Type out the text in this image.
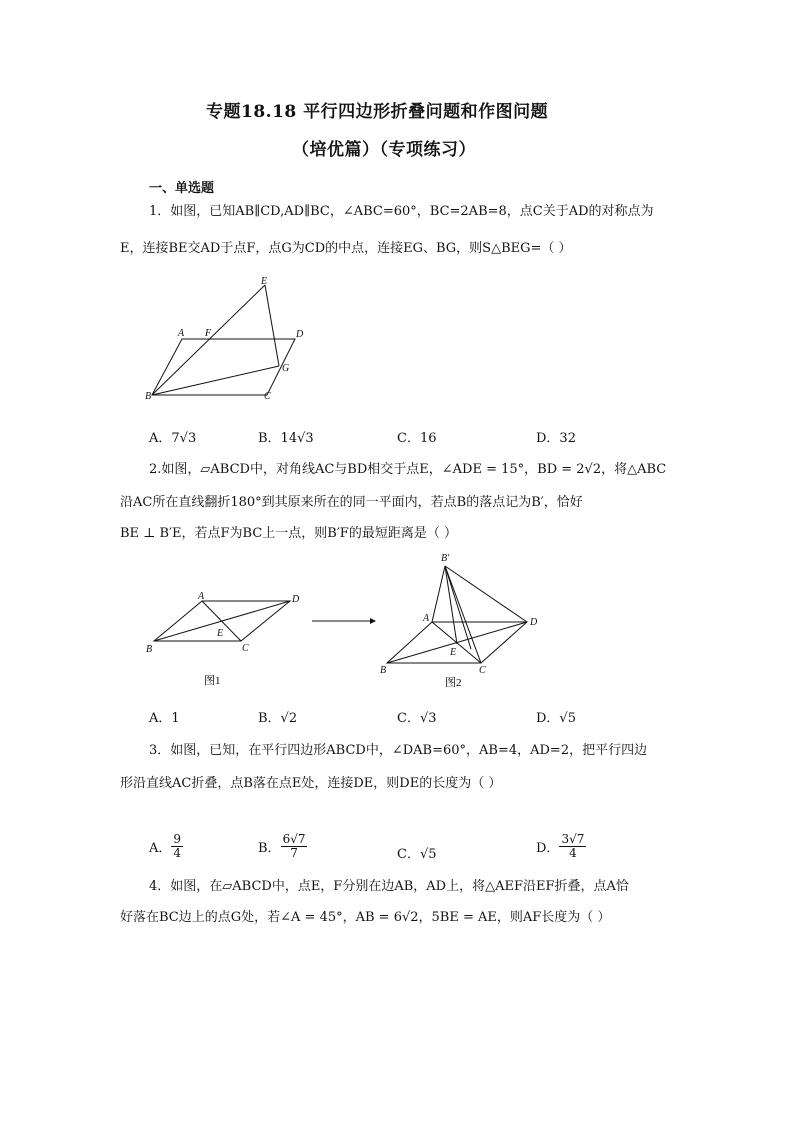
专题18.18 平行四边形折叠问题和作图问题
（培优篇）（专项练习）
一、单选题
1．如图，已知AB∥CD,AD∥BC，∠ABC=60°，BC=2AB=8，点C关于AD的对称点为
E，连接BE交AD于点F，点G为CD的中点，连接EG、BG，则S△BEG=（ ）
E
A F	D
G
B	C
A．7√3	B．14√3	C．16	D．32
2.如图，▱ABCD中，对角线AC与BD相交于点E，∠ADE = 15°，BD = 2√2，将△ABC
沿AC所在直线翻折180°到其原来所在的同一平面内，若点B的落点记为B′，恰好
BE ⊥ B′E，若点F为BC上一点，则B′F的最短距离是（ ）
A	D
E
B	C
图1
B′
A	D
E
B	C
图2
A．1	B．√2	C．√3	D．√5
3．如图，已知，在平行四边形ABCD中，∠DAB=60°，AB=4，AD=2，把平行四边
形沿直线AC折叠，点B落在点E处，连接DE，则DE的长度为（ ）
A． $\frac{9}{4}$	B． $\frac{6√7}{7}$	C．√5	D． $\frac{3√7}{4}$
4．如图，在▱ABCD中，点E，F分别在边AB，AD上，将△AEF沿EF折叠，点A恰
好落在BC边上的点G处，若∠A = 45°，AB = 6√2，5BE = AE，则AF长度为（ ）
